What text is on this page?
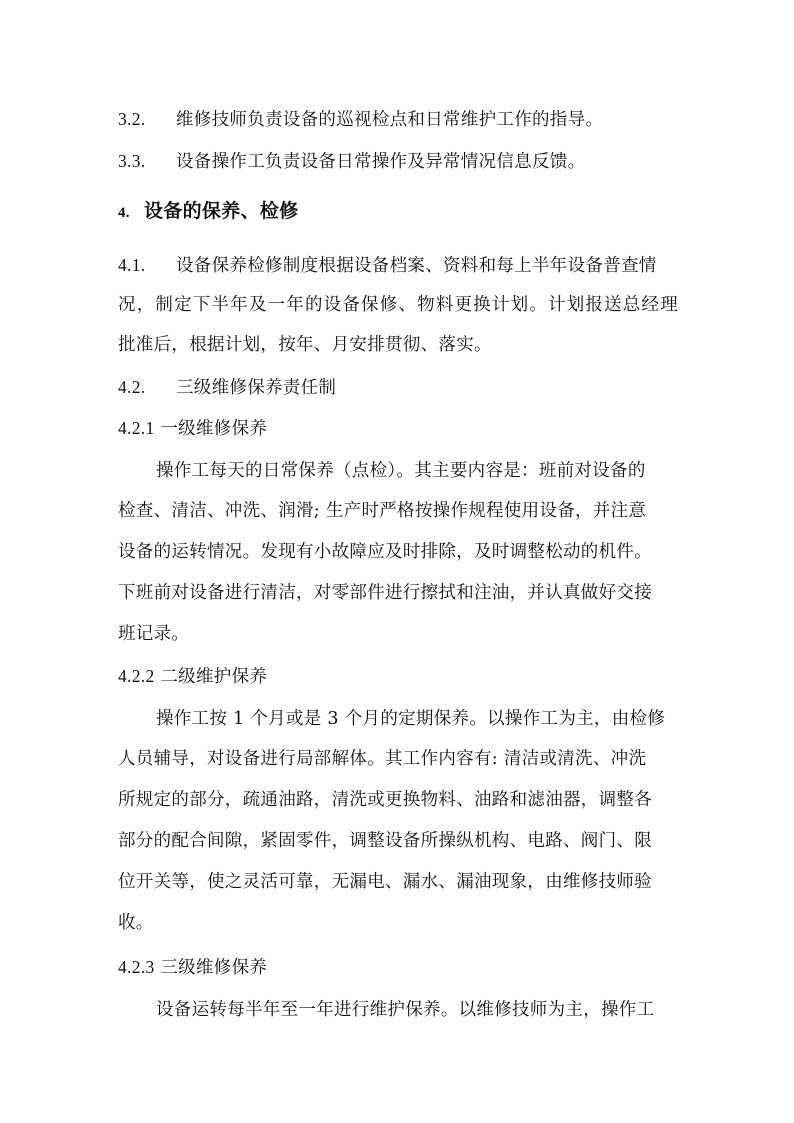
3.2. 维修技师负责设备的巡视检点和日常维护工作的指导。
3.3. 设备操作工负责设备日常操作及异常情况信息反馈。
4. 设备的保养、检修
4.1. 设备保养检修制度根据设备档案、资料和每上半年设备普查情
况，制定下半年及一年的设备保修、物料更换计划。计划报送总经理
批准后，根据计划，按年、月安排贯彻、落实。
4.2. 三级维修保养责任制
4.2.1 一级维修保养
操作工每天的日常保养（点检）。其主要内容是：班前对设备的
检查、清洁、冲洗、润滑; 生产时严格按操作规程使用设备，并注意
设备的运转情况。发现有小故障应及时排除，及时调整松动的机件。
下班前对设备进行清洁，对零部件进行擦拭和注油，并认真做好交接
班记录。
4.2.2 二级维护保养
操作工按 1 个月或是 3 个月的定期保养。以操作工为主，由检修
人员辅导，对设备进行局部解体。其工作内容有: 清洁或清洗、冲洗
所规定的部分，疏通油路，清洗或更换物料、油路和滤油器，调整各
部分的配合间隙，紧固零件，调整设备所操纵机构、电路、阀门、限
位开关等，使之灵活可靠，无漏电、漏水、漏油现象，由维修技师验
收。
4.2.3 三级维修保养
设备运转每半年至一年进行维护保养。以维修技师为主，操作工
